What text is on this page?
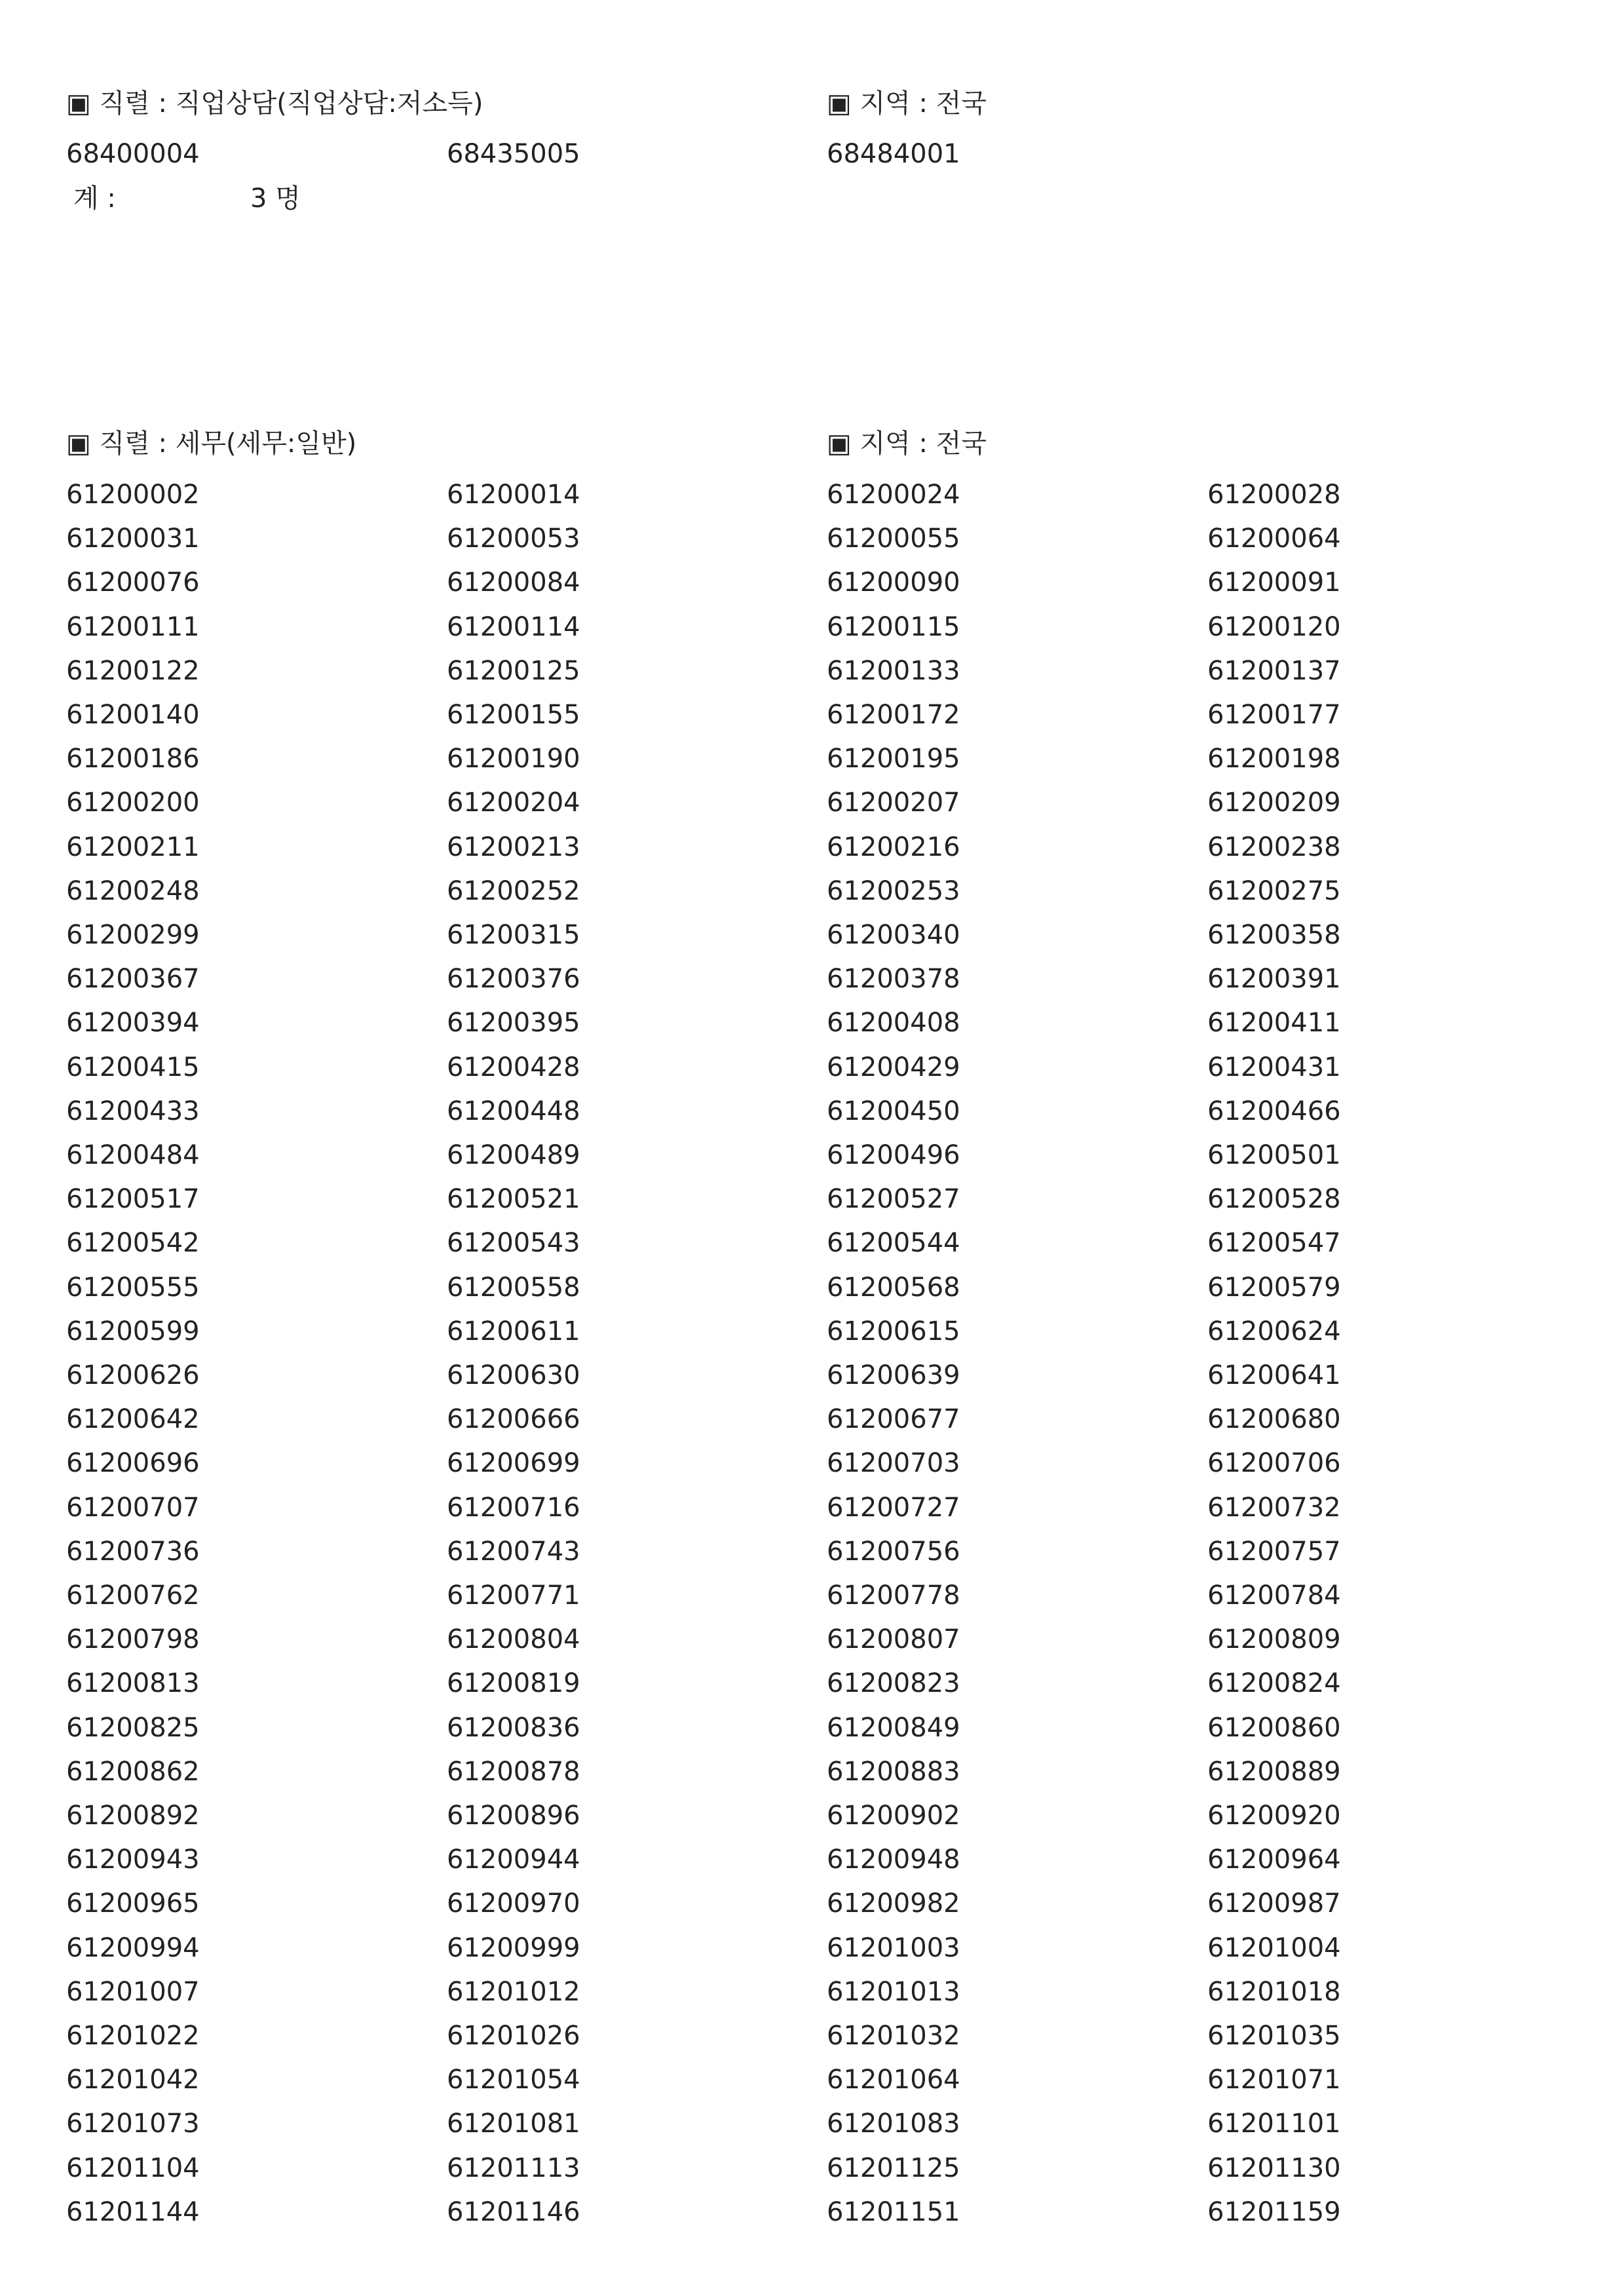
▣ 직렬 : 직업상담(직업상담:저소득)	▣ 지역 : 전국
68400004	68435005	68484001
계 :	3 명
▣ 직렬 : 세무(세무:일반)	▣ 지역 : 전국
61200002	61200014	61200024	61200028
61200031	61200053	61200055	61200064
61200076	61200084	61200090	61200091
61200111	61200114	61200115	61200120
61200122	61200125	61200133	61200137
61200140	61200155	61200172	61200177
61200186	61200190	61200195	61200198
61200200	61200204	61200207	61200209
61200211	61200213	61200216	61200238
61200248	61200252	61200253	61200275
61200299	61200315	61200340	61200358
61200367	61200376	61200378	61200391
61200394	61200395	61200408	61200411
61200415	61200428	61200429	61200431
61200433	61200448	61200450	61200466
61200484	61200489	61200496	61200501
61200517	61200521	61200527	61200528
61200542	61200543	61200544	61200547
61200555	61200558	61200568	61200579
61200599	61200611	61200615	61200624
61200626	61200630	61200639	61200641
61200642	61200666	61200677	61200680
61200696	61200699	61200703	61200706
61200707	61200716	61200727	61200732
61200736	61200743	61200756	61200757
61200762	61200771	61200778	61200784
61200798	61200804	61200807	61200809
61200813	61200819	61200823	61200824
61200825	61200836	61200849	61200860
61200862	61200878	61200883	61200889
61200892	61200896	61200902	61200920
61200943	61200944	61200948	61200964
61200965	61200970	61200982	61200987
61200994	61200999	61201003	61201004
61201007	61201012	61201013	61201018
61201022	61201026	61201032	61201035
61201042	61201054	61201064	61201071
61201073	61201081	61201083	61201101
61201104	61201113	61201125	61201130
61201144	61201146	61201151	61201159
